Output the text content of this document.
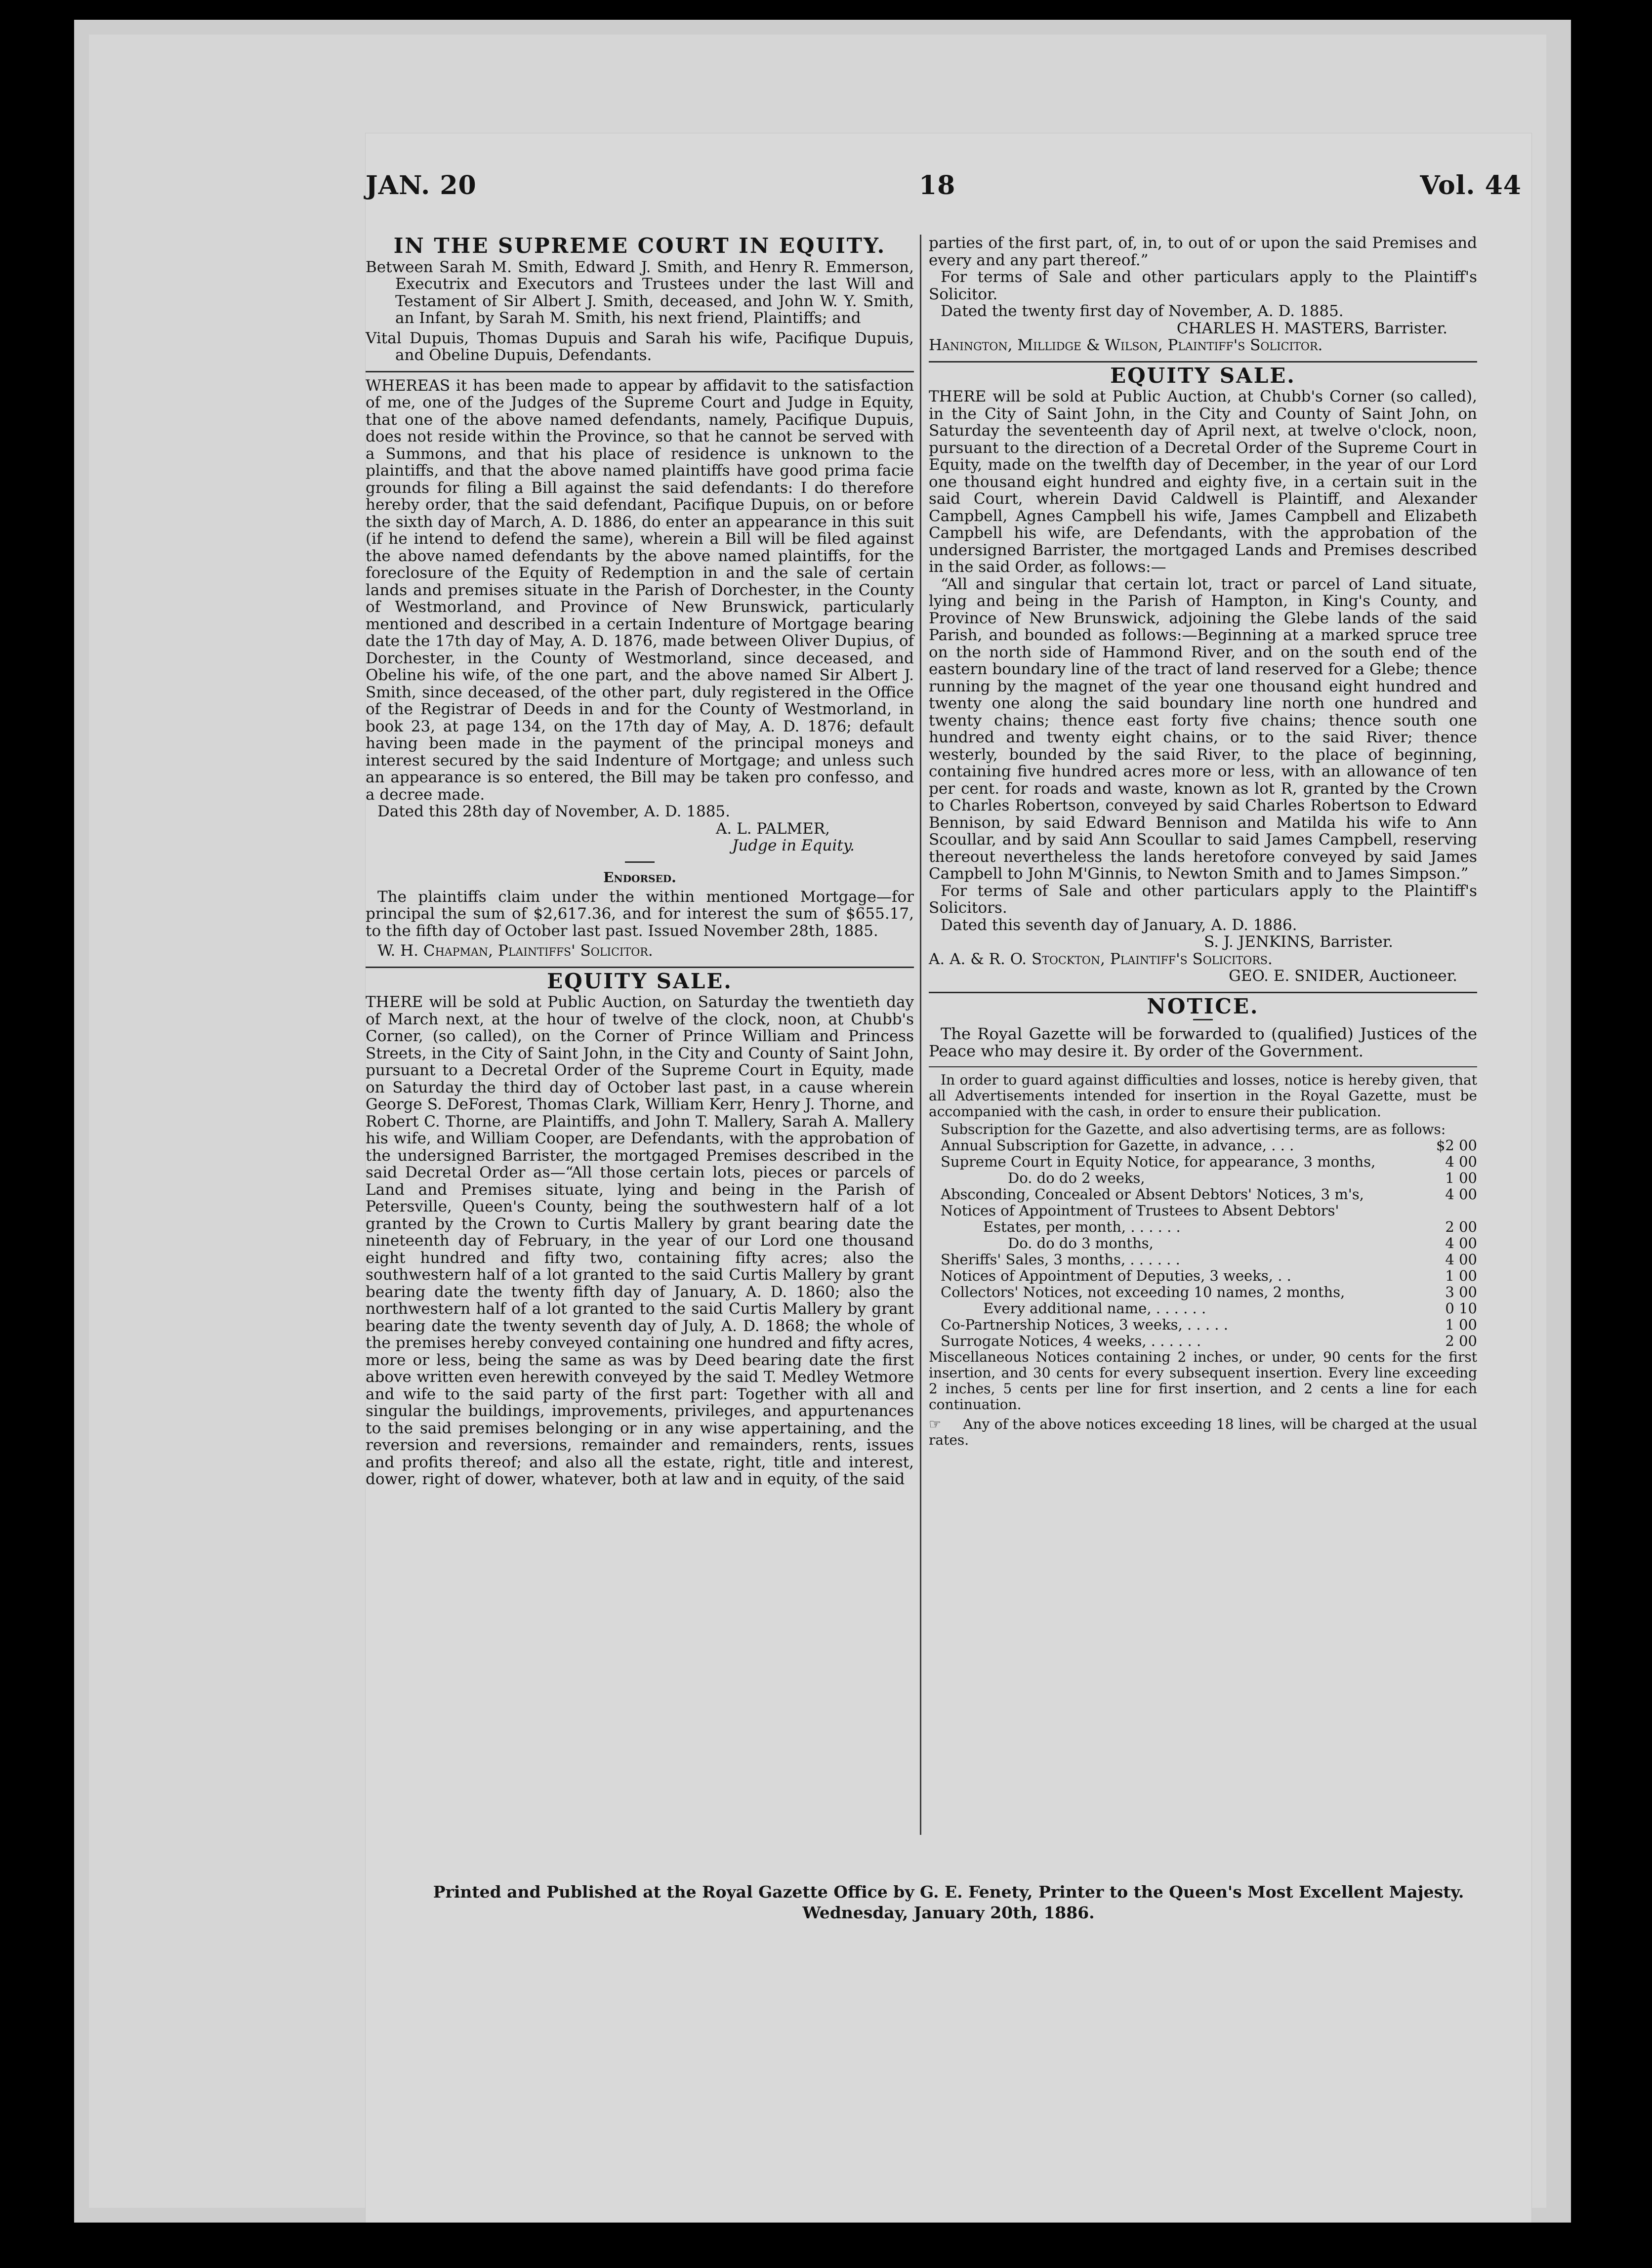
JAN. 20	18	Vol. 44
IN THE SUPREME COURT IN EQUITY.

Between Sarah M. Smith, Edward J. Smith, and Henry R. Emmerson, Executrix and Executors and Trustees under the last Will and Testament of Sir Albert J. Smith, deceased, and John W. Y. Smith, an Infant, by Sarah M. Smith, his next friend, Plaintiffs; and

Vital Dupuis, Thomas Dupuis and Sarah his wife, Pacifique Dupuis, and Obeline Dupuis, Defendants.

WHEREAS it has been made to appear by affidavit to the satisfaction of me, one of the Judges of the Supreme Court and Judge in Equity, that one of the above named defendants, namely, Pacifique Dupuis, does not reside within the Province, so that he cannot be served with a Summons, and that his place of residence is unknown to the plaintiffs, and that the above named plaintiffs have good prima facie grounds for filing a Bill against the said defendants: I do therefore hereby order, that the said defendant, Pacifique Dupuis, on or before the sixth day of March, A. D. 1886, do enter an appearance in this suit (if he intend to defend the same), wherein a Bill will be filed against the above named defendants by the above named plaintiffs, for the foreclosure of the Equity of Redemption in and the sale of certain lands and premises situate in the Parish of Dorchester, in the County of Westmorland, and Province of New Brunswick, particularly mentioned and described in a certain Indenture of Mortgage bearing date the 17th day of May, A. D. 1876, made between Oliver Dupius, of Dorchester, in the County of Westmorland, since deceased, and Obeline his wife, of the one part, and the above named Sir Albert J. Smith, since deceased, of the other part, duly registered in the Office of the Registrar of Deeds in and for the County of Westmorland, in book 23, at page 134, on the 17th day of May, A. D. 1876; default having been made in the payment of the principal moneys and interest secured by the said Indenture of Mortgage; and unless such an appearance is so entered, the Bill may be taken pro confesso, and a decree made.

Dated this 28th day of November, A. D. 1885.

A. L. PALMER,

Judge in Equity.

Endorsed.

The plaintiffs claim under the within mentioned Mortgage—for principal the sum of $2,617.36, and for interest the sum of $655.17, to the fifth day of October last past. Issued November 28th, 1885.

W. H. Chapman, Plaintiffs' Solicitor.

EQUITY SALE.

THERE will be sold at Public Auction, on Saturday the twentieth day of March next, at the hour of twelve of the clock, noon, at Chubb's Corner, (so called), on the Corner of Prince William and Princess Streets, in the City of Saint John, in the City and County of Saint John, pursuant to a Decretal Order of the Supreme Court in Equity, made on Saturday the third day of October last past, in a cause wherein George S. DeForest, Thomas Clark, William Kerr, Henry J. Thorne, and Robert C. Thorne, are Plaintiffs, and John T. Mallery, Sarah A. Mallery his wife, and William Cooper, are Defendants, with the approbation of the undersigned Barrister, the mortgaged Premises described in the said Decretal Order as—“All those certain lots, pieces or parcels of Land and Premises situate, lying and being in the Parish of Petersville, Queen's County, being the southwestern half of a lot granted by the Crown to Curtis Mallery by grant bearing date the nineteenth day of February, in the year of our Lord one thousand eight hundred and fifty two, containing fifty acres; also the southwestern half of a lot granted to the said Curtis Mallery by grant bearing date the twenty fifth day of January, A. D. 1860; also the northwestern half of a lot granted to the said Curtis Mallery by grant bearing date the twenty seventh day of July, A. D. 1868; the whole of the premises hereby conveyed containing one hundred and fifty acres, more or less, being the same as was by Deed bearing date the first above written even herewith conveyed by the said T. Medley Wetmore and wife to the said party of the first part: Together with all and singular the buildings, improvements, privileges, and appurtenances to the said premises belonging or in any wise appertaining, and the reversion and reversions, remainder and remainders, rents, issues and profits thereof; and also all the estate, right, title and interest, dower, right of dower, whatever, both at law and in equity, of the said

parties of the first part, of, in, to out of or upon the said Premises and every and any part thereof.”

For terms of Sale and other particulars apply to the Plaintiff's Solicitor.

Dated the twenty first day of November, A. D. 1885.

CHARLES H. MASTERS, Barrister.

Hanington, Millidge & Wilson, Plaintiff's Solicitor.

EQUITY SALE.

THERE will be sold at Public Auction, at Chubb's Corner (so called), in the City of Saint John, in the City and County of Saint John, on Saturday the seventeenth day of April next, at twelve o'clock, noon, pursuant to the direction of a Decretal Order of the Supreme Court in Equity, made on the twelfth day of December, in the year of our Lord one thousand eight hundred and eighty five, in a certain suit in the said Court, wherein David Caldwell is Plaintiff, and Alexander Campbell, Agnes Campbell his wife, James Campbell and Elizabeth Campbell his wife, are Defendants, with the approbation of the undersigned Barrister, the mortgaged Lands and Premises described in the said Order, as follows:—

“All and singular that certain lot, tract or parcel of Land situate, lying and being in the Parish of Hampton, in King's County, and Province of New Brunswick, adjoining the Glebe lands of the said Parish, and bounded as follows:—Beginning at a marked spruce tree on the north side of Hammond River, and on the south end of the eastern boundary line of the tract of land reserved for a Glebe; thence running by the magnet of the year one thousand eight hundred and twenty one along the said boundary line north one hundred and twenty chains; thence east forty five chains; thence south one hundred and twenty eight chains, or to the said River; thence westerly, bounded by the said River, to the place of beginning, containing five hundred acres more or less, with an allowance of ten per cent. for roads and waste, known as lot R, granted by the Crown to Charles Robertson, conveyed by said Charles Robertson to Edward Bennison, by said Edward Bennison and Matilda his wife to Ann Scoullar, and by said Ann Scoullar to said James Campbell, reserving thereout nevertheless the lands heretofore conveyed by said James Campbell to John M'Ginnis, to Newton Smith and to James Simpson.”

For terms of Sale and other particulars apply to the Plaintiff's Solicitors.

Dated this seventh day of January, A. D. 1886.

S. J. JENKINS, Barrister.

A. A. & R. O. Stockton, Plaintiff's Solicitors.

GEO. E. SNIDER, Auctioneer.

NOTICE.

The Royal Gazette will be forwarded to (qualified) Justices of the Peace who may desire it. By order of the Government.

In order to guard against difficulties and losses, notice is hereby given, that all Advertisements intended for insertion in the Royal Gazette, must be accompanied with the cash, in order to ensure their publication.

Subscription for the Gazette, and also advertising terms, are as follows:

Annual Subscription for Gazette, in advance, . . .	$2 00
Supreme Court in Equity Notice, for appearance, 3 months,	4 00
Do. do do 2 weeks,	1 00
Absconding, Concealed or Absent Debtors' Notices, 3 m's,	4 00
Notices of Appointment of Trustees to Absent Debtors'	
Estates, per month, . . . . . .	2 00
Do. do do 3 months,	4 00
Sheriffs' Sales, 3 months, . . . . . .	4 00
Notices of Appointment of Deputies, 3 weeks, . .	1 00
Collectors' Notices, not exceeding 10 names, 2 months,	3 00
Every additional name, . . . . . .	0 10
Co-Partnership Notices, 3 weeks, . . . . .	1 00
Surrogate Notices, 4 weeks, . . . . . .	2 00

Miscellaneous Notices containing 2 inches, or under, 90 cents for the first insertion, and 30 cents for every subsequent insertion. Every line exceeding 2 inches, 5 cents per line for first insertion, and 2 cents a line for each continuation.

☞ Any of the above notices exceeding 18 lines, will be charged at the usual rates.

Printed and Published at the Royal Gazette Office by G. E. Fenety, Printer to the Queen's Most Excellent Majesty.
Wednesday, January 20th, 1886.
